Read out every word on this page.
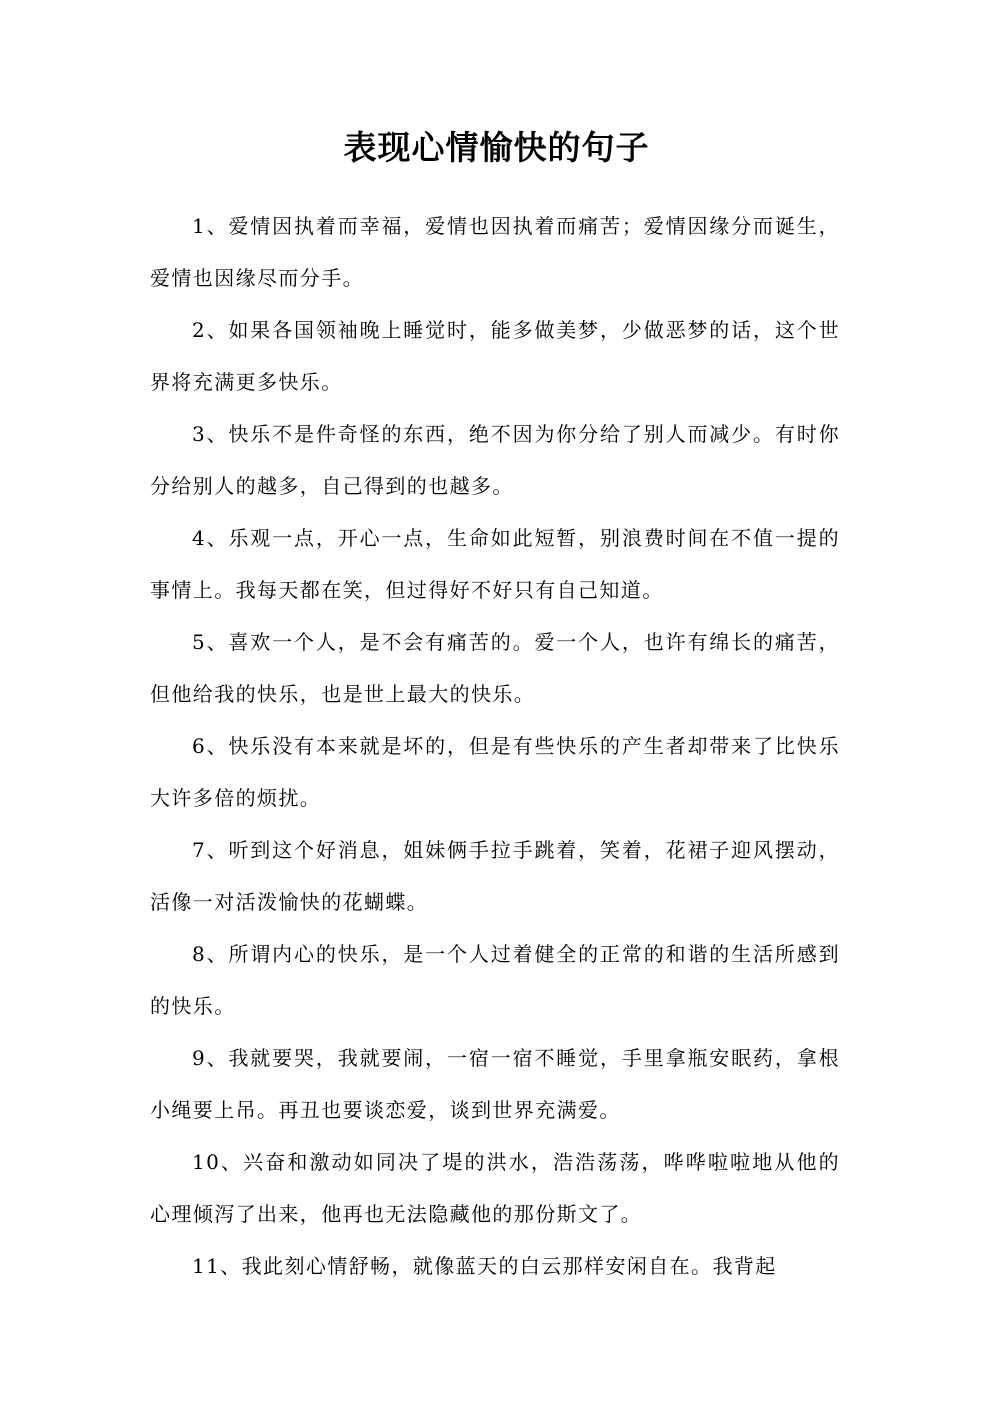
表现心情愉快的句子

1、爱情因执着而幸福，爱情也因执着而痛苦；爱情因缘分而诞生，爱情也因缘尽而分手。

2、如果各国领袖晚上睡觉时，能多做美梦，少做恶梦的话，这个世界将充满更多快乐。

3、快乐不是件奇怪的东西，绝不因为你分给了别人而减少。有时你分给别人的越多，自己得到的也越多。

4、乐观一点，开心一点，生命如此短暂，别浪费时间在不值一提的事情上。我每天都在笑，但过得好不好只有自己知道。

5、喜欢一个人，是不会有痛苦的。爱一个人，也许有绵长的痛苦，但他给我的快乐，也是世上最大的快乐。

6、快乐没有本来就是坏的，但是有些快乐的产生者却带来了比快乐大许多倍的烦扰。

7、听到这个好消息，姐妹俩手拉手跳着，笑着，花裙子迎风摆动，活像一对活泼愉快的花蝴蝶。

8、所谓内心的快乐，是一个人过着健全的正常的和谐的生活所感到的快乐。

9、我就要哭，我就要闹，一宿一宿不睡觉，手里拿瓶安眠药，拿根小绳要上吊。再丑也要谈恋爱，谈到世界充满爱。

10、兴奋和激动如同决了堤的洪水，浩浩荡荡，哗哗啦啦地从他的心理倾泻了出来，他再也无法隐藏他的那份斯文了。

11、我此刻心情舒畅，就像蓝天的白云那样安闲自在。我背起
